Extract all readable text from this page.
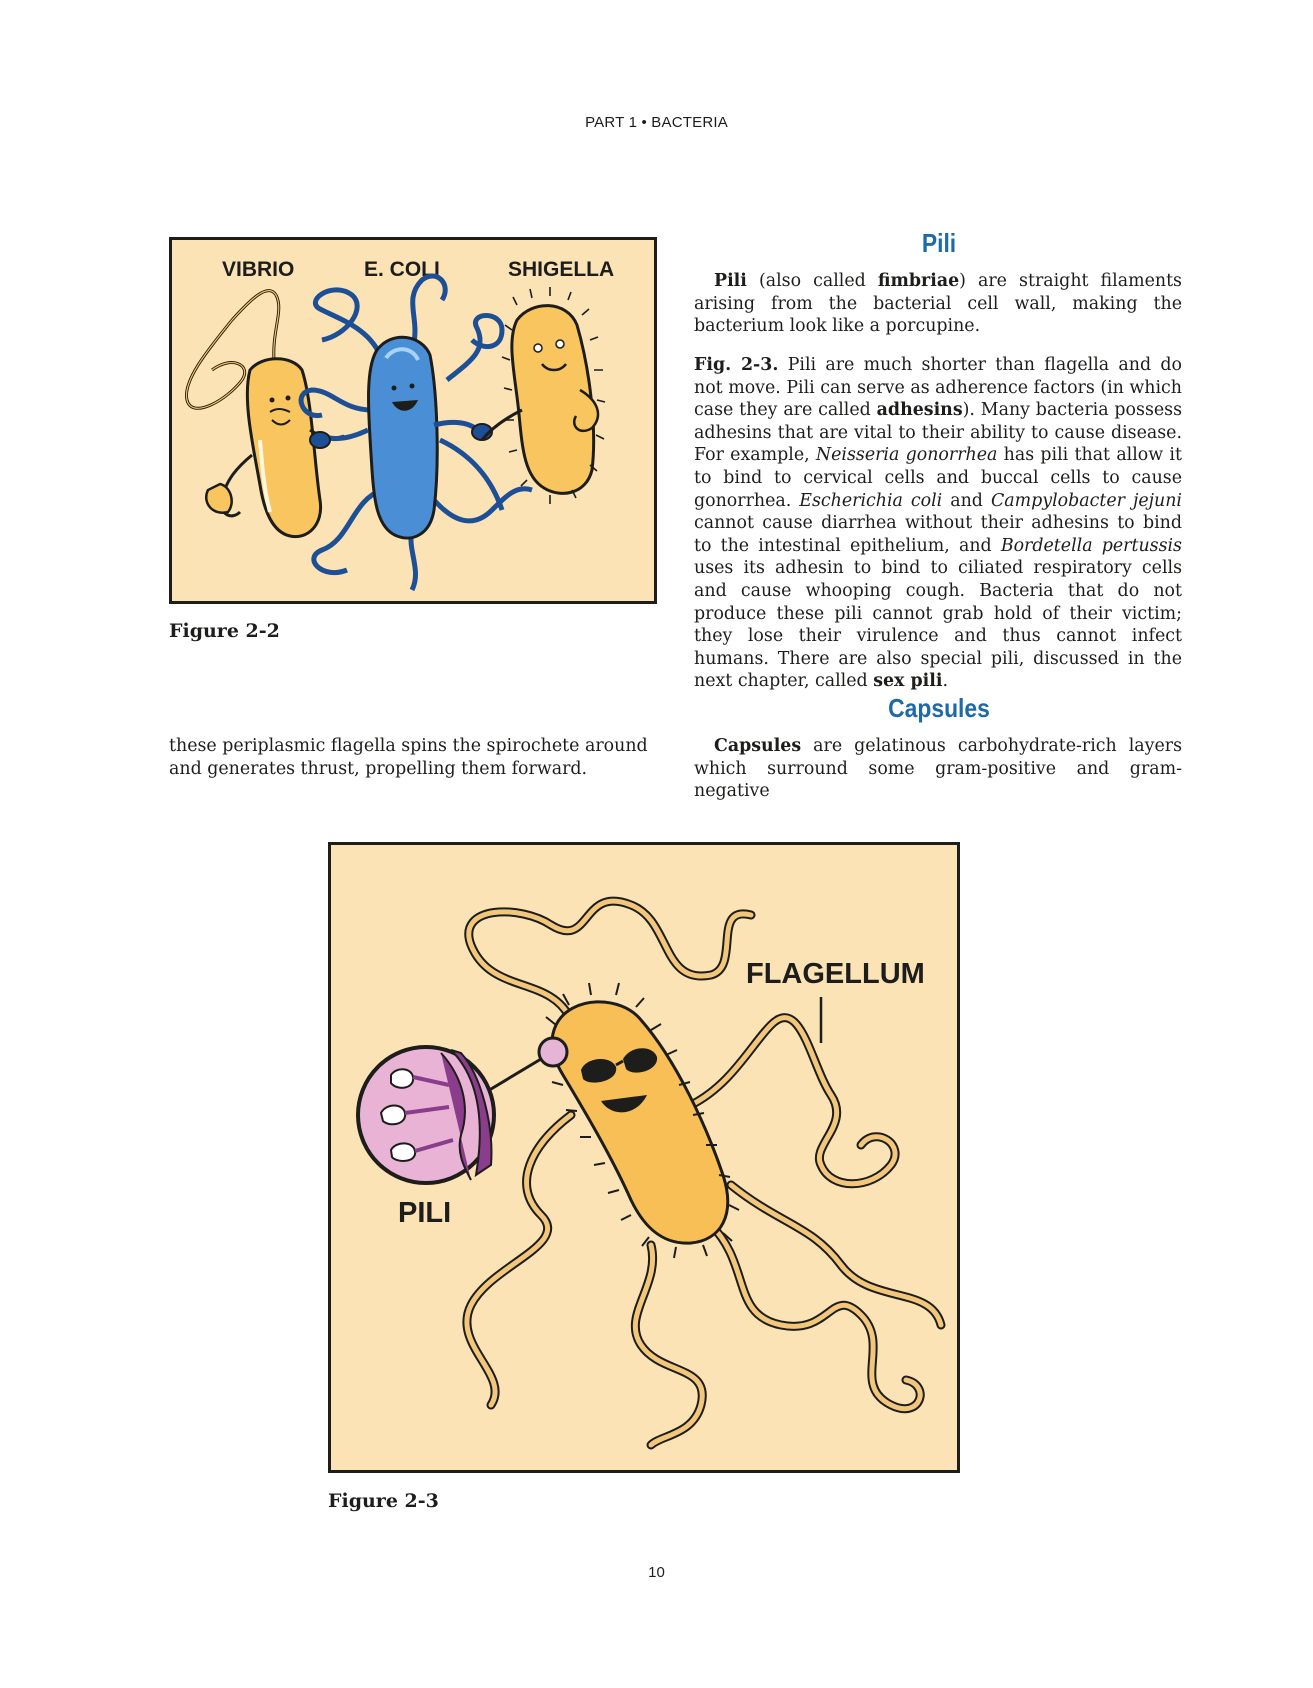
PART 1 • BACTERIA
VIBRIO	E. COLI	SHIGELLA
Figure 2-2
Pili

Pili (also called fimbriae) are straight filaments arising from the bacterial cell wall, making the bacterium look like a porcupine.

Fig. 2-3. Pili are much shorter than flagella and do not move. Pili can serve as adherence factors (in which case they are called adhesins). Many bacteria possess adhesins that are vital to their ability to cause disease. For example, Neisseria gonorrhea has pili that allow it to bind to cervical cells and buccal cells to cause gonorrhea. Escherichia coli and Campylobacter jejuni cannot cause diarrhea without their adhesins to bind to the intestinal epithelium, and Bordetella pertussis uses its adhesin to bind to ciliated respiratory cells and cause whooping cough. Bacteria that do not produce these pili cannot grab hold of their victim; they lose their virulence and thus cannot infect humans. There are also special pili, discussed in the next chapter, called sex pili.

Capsules

Capsules are gelatinous carbohydrate-rich layers which surround some gram-positive and gram-negative

these periplasmic flagella spins the spirochete around and generates thrust, propelling them forward.

FLAGELLUM
PILI
Figure 2-3
10
